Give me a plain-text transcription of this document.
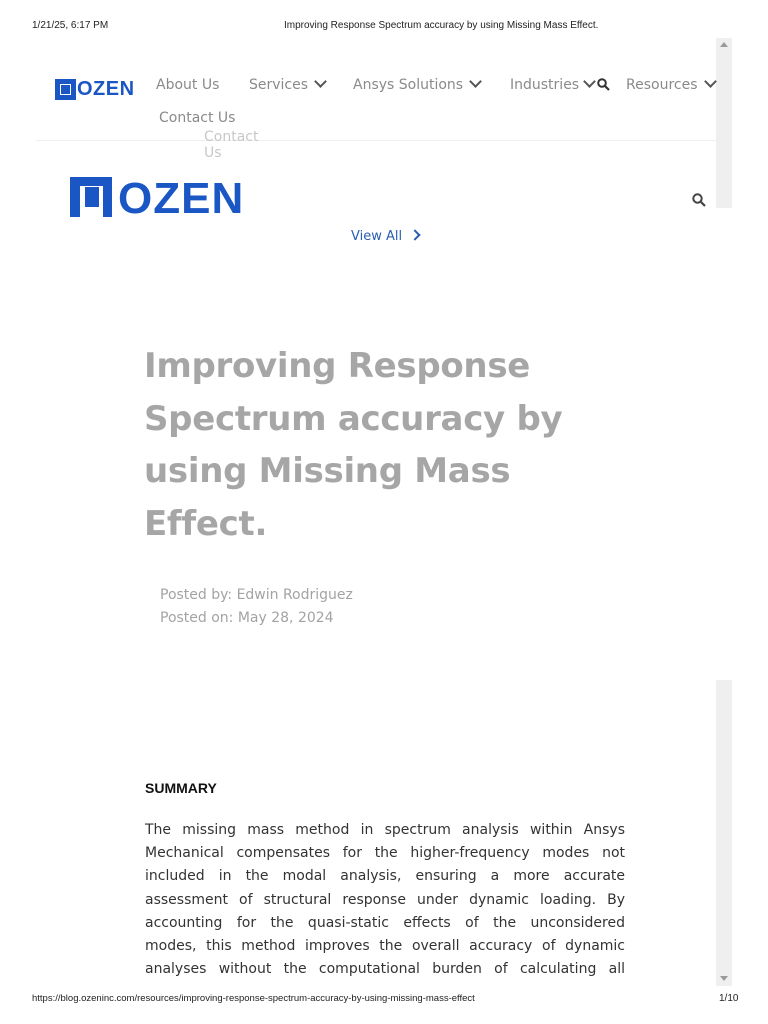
1/21/25, 6:17 PM	Improving Response Spectrum accuracy by using Missing Mass Effect.
OZEN About Us Services	Ansys Solutions	Industries	Resources
Contact Us
Contact Us
OZEN
View All
Improving Response
Spectrum accuracy by
using Missing Mass
Effect.
Posted by: Edwin Rodriguez
Posted on: May 28, 2024
SUMMARY
The missing mass method in spectrum analysis within Ansys
Mechanical compensates for the higher-frequency modes not
included in the modal analysis, ensuring a more accurate
assessment of structural response under dynamic loading. By
accounting for the quasi-static effects of the unconsidered
modes, this method improves the overall accuracy of dynamic
analyses without the computational burden of calculating all
https://blog.ozeninc.com/resources/improving-response-spectrum-accuracy-by-using-missing-mass-effect	1/10
